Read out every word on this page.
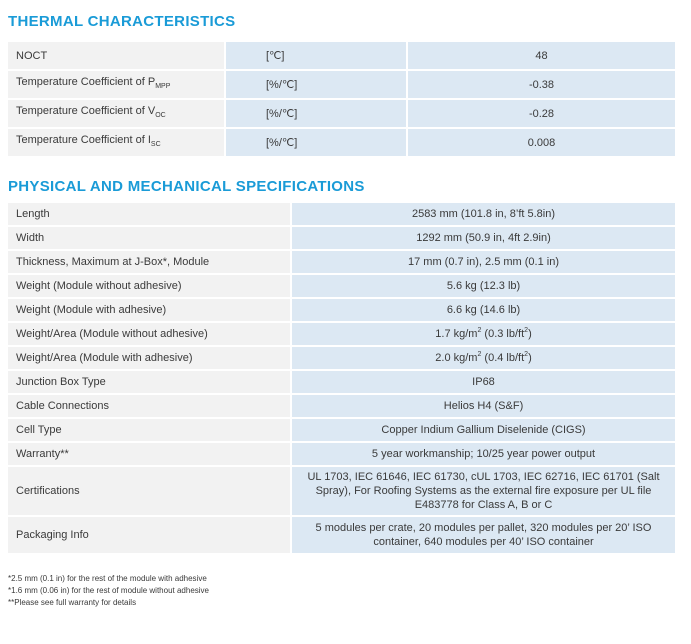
THERMAL CHARACTERISTICS
NOCT	[℃]	48
Temperature Coefficient of $P_{MPP}$	[%/℃]	-0.38
Temperature Coefficient of $V_{OC}$	[%/℃]	-0.28
Temperature Coefficient of $I_{SC}$	[%/℃]	0.008
PHYSICAL AND MECHANICAL SPECIFICATIONS
Length	2583 mm (101.8 in, 8’ft 5.8in)
Width	1292 mm (50.9 in, 4ft 2.9in)
Thickness, Maximum at J-Box*, Module	17 mm (0.7 in), 2.5 mm (0.1 in)
Weight (Module without adhesive)	5.6 kg (12.3 lb)
Weight (Module with adhesive)	6.6 kg (14.6 lb)
Weight/Area (Module without adhesive)	1.7 $kg/m^2$ (0.3 $lb/ft^2$)
Weight/Area (Module with adhesive)	2.0 $kg/m^2$ (0.4 $lb/ft^2$)
Junction Box Type	IP68
Cable Connections	Helios H4 (S&F)
Cell Type	Copper Indium Gallium Diselenide (CIGS)
Warranty**	5 year workmanship; 10/25 year power output
Certifications	UL 1703, IEC 61646, IEC 61730, cUL 1703, IEC 62716, IEC 61701 (Salt Spray), For Roofing Systems as the external fire exposure per UL file E483778 for Class A, B or C
Packaging Info	5 modules per crate, 20 modules per pallet, 320 modules per 20’ ISO container, 640 modules per 40’ ISO container
*2.5 mm (0.1 in) for the rest of the module with adhesive
*1.6 mm (0.06 in) for the rest of module without adhesive
**Please see full warranty for details
